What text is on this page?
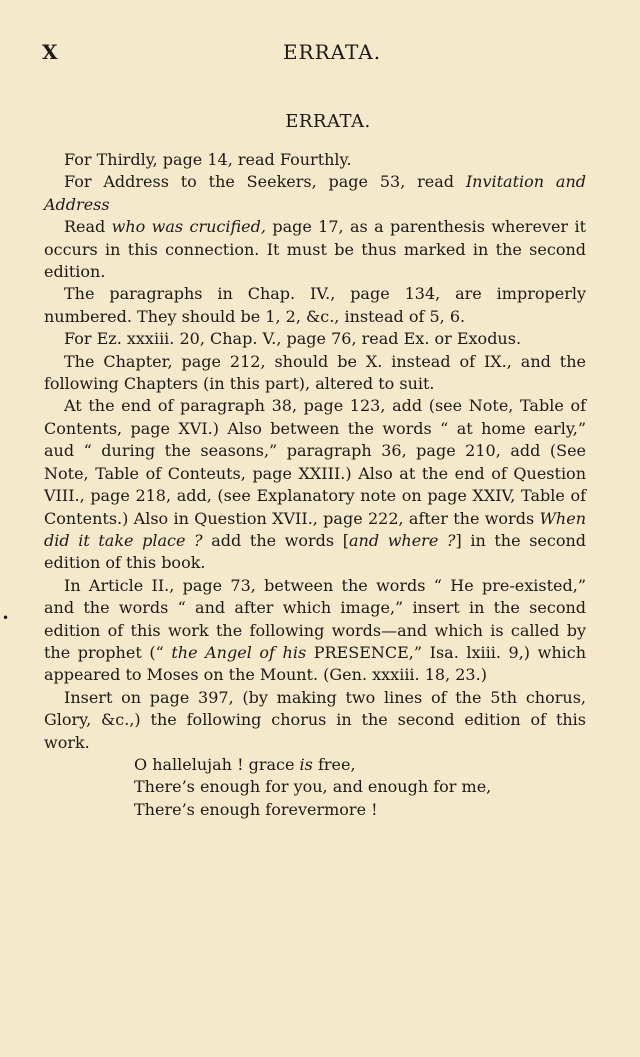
X	ERRATA.
ERRATA.
•

For Thirdly, page 14, read Fourthly.

For Address to the Seekers, page 53, read Invitation and Address

Read who was crucified, page 17, as a parenthesis wherever it occurs in this connection. It must be thus marked in the second edition.

The paragraphs in Chap. IV., page 134, are improperly numbered. They should be 1, 2, &c., instead of 5, 6.

For Ez. xxxiii. 20, Chap. V., page 76, read Ex. or Exodus.

The Chapter, page 212, should be X. instead of IX., and the following Chapters (in this part), altered to suit.

At the end of paragraph 38, page 123, add (see Note, Table of Contents, page XVI.) Also between the words “ at home early,” aud “ during the seasons,” paragraph 36, page 210, add (See Note, Table of Conteuts, page XXIII.) Also at the end of Question VIII., page 218, add, (see Explanatory note on page XXIV, Table of Contents.) Also in Question XVII., page 222, after the words When did it take place ? add the words [and where ?] in the second edition of this book.

In Article II., page 73, between the words “ He pre-existed,” and the words “ and after which image,” insert in the second edition of this work the following words—and which is called by the prophet (“ the Angel of his PRESENCE,” Isa. lxiii. 9,) which appeared to Moses on the Mount. (Gen. xxxiii. 18, 23.)

Insert on page 397, (by making two lines of the 5th chorus, Glory, &c.,) the following chorus in the second edition of this work.

O hallelujah ! grace is free,
There’s enough for you, and enough for me,
There’s enough forevermore !
